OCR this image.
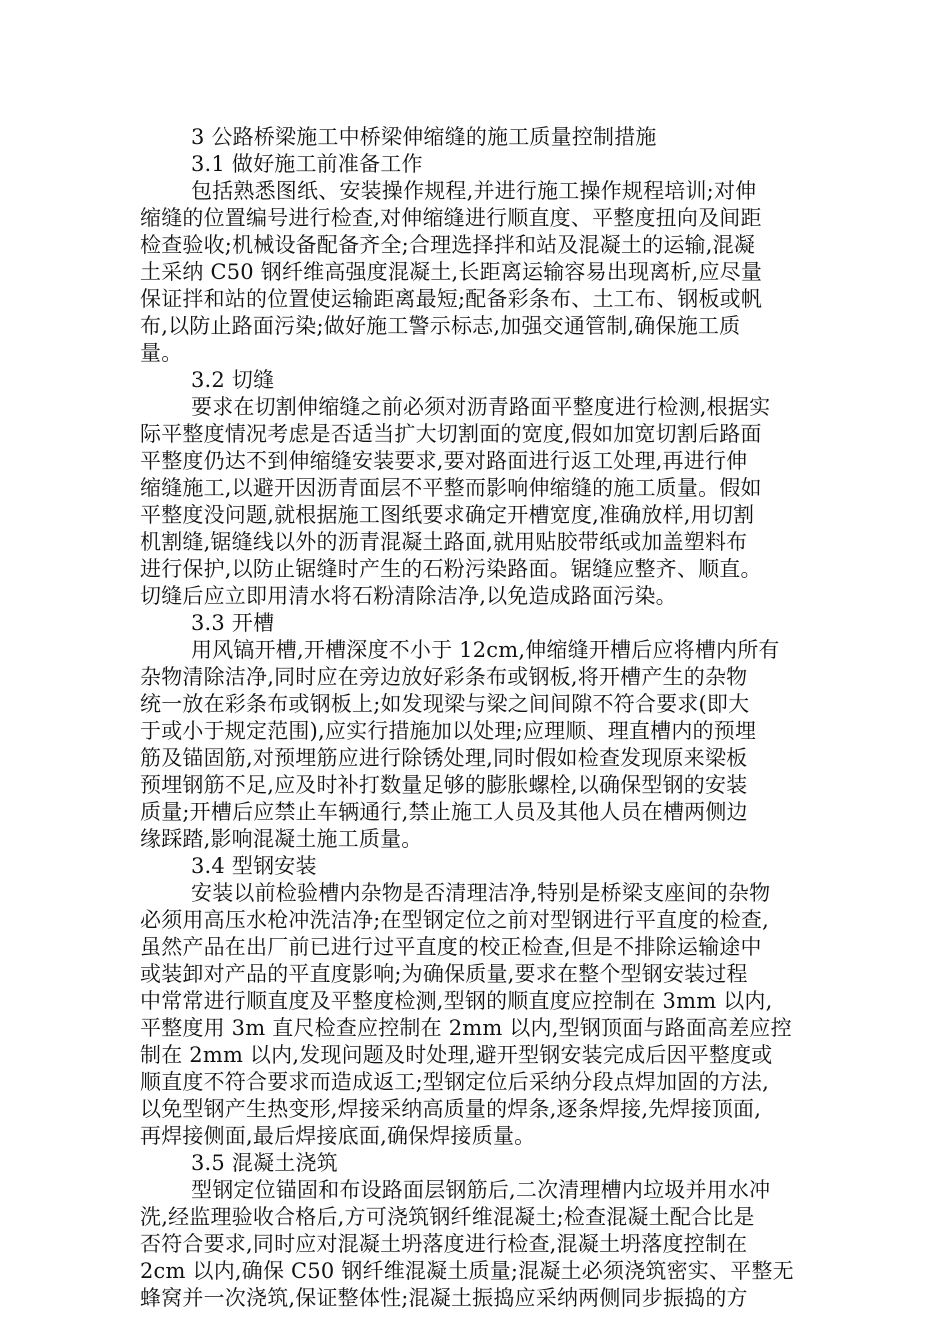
3 公路桥梁施工中桥梁伸缩缝的施工质量控制措施
3.1 做好施工前准备工作
包括熟悉图纸、安装操作规程,并进行施工操作规程培训;对伸
缩缝的位置编号进行检查,对伸缩缝进行顺直度、平整度扭向及间距
检查验收;机械设备配备齐全;合理选择拌和站及混凝土的运输,混凝
土采纳 C50 钢纤维高强度混凝土,长距离运输容易出现离析,应尽量
保证拌和站的位置使运输距离最短;配备彩条布、土工布、钢板或帆
布,以防止路面污染;做好施工警示标志,加强交通管制,确保施工质
量。
3.2 切缝
要求在切割伸缩缝之前必须对沥青路面平整度进行检测,根据实
际平整度情况考虑是否适当扩大切割面的宽度,假如加宽切割后路面
平整度仍达不到伸缩缝安装要求,要对路面进行返工处理,再进行伸
缩缝施工,以避开因沥青面层不平整而影响伸缩缝的施工质量。假如
平整度没问题,就根据施工图纸要求确定开槽宽度,准确放样,用切割
机割缝,锯缝线以外的沥青混凝土路面,就用贴胶带纸或加盖塑料布
进行保护,以防止锯缝时产生的石粉污染路面。锯缝应整齐、顺直。
切缝后应立即用清水将石粉清除洁净,以免造成路面污染。
3.3 开槽
用风镐开槽,开槽深度不小于 12cm,伸缩缝开槽后应将槽内所有
杂物清除洁净,同时应在旁边放好彩条布或钢板,将开槽产生的杂物
统一放在彩条布或钢板上;如发现梁与梁之间间隙不符合要求(即大
于或小于规定范围),应实行措施加以处理;应理顺、理直槽内的预埋
筋及锚固筋,对预埋筋应进行除锈处理,同时假如检查发现原来梁板
预埋钢筋不足,应及时补打数量足够的膨胀螺栓,以确保型钢的安装
质量;开槽后应禁止车辆通行,禁止施工人员及其他人员在槽两侧边
缘踩踏,影响混凝土施工质量。
3.4 型钢安装
安装以前检验槽内杂物是否清理洁净,特别是桥梁支座间的杂物
必须用高压水枪冲洗洁净;在型钢定位之前对型钢进行平直度的检查,
虽然产品在出厂前已进行过平直度的校正检查,但是不排除运输途中
或装卸对产品的平直度影响;为确保质量,要求在整个型钢安装过程
中常常进行顺直度及平整度检测,型钢的顺直度应控制在 3mm 以内,
平整度用 3m 直尺检查应控制在 2mm 以内,型钢顶面与路面高差应控
制在 2mm 以内,发现问题及时处理,避开型钢安装完成后因平整度或
顺直度不符合要求而造成返工;型钢定位后采纳分段点焊加固的方法,
以免型钢产生热变形,焊接采纳高质量的焊条,逐条焊接,先焊接顶面,
再焊接侧面,最后焊接底面,确保焊接质量。
3.5 混凝土浇筑
型钢定位锚固和布设路面层钢筋后,二次清理槽内垃圾并用水冲
洗,经监理验收合格后,方可浇筑钢纤维混凝土;检查混凝土配合比是
否符合要求,同时应对混凝土坍落度进行检查,混凝土坍落度控制在
2cm 以内,确保 C50 钢纤维混凝土质量;混凝土必须浇筑密实、平整无
蜂窝并一次浇筑,保证整体性;混凝土振捣应采纳两侧同步振捣的方
